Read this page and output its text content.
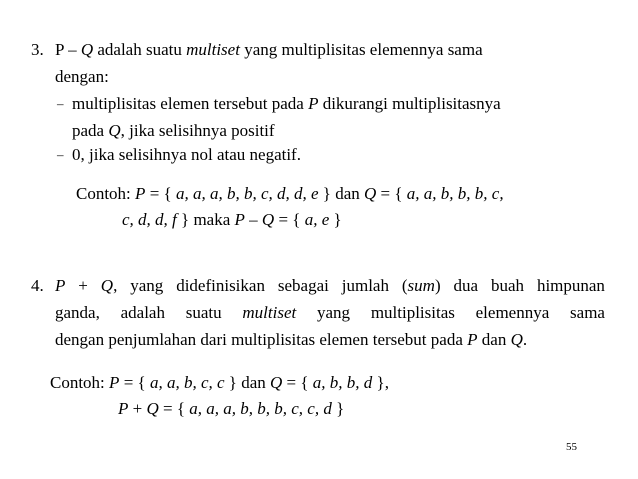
3. P – Q adalah suatu multiset yang multiplisitas elemennya sama
dengan:
– multiplisitas elemen tersebut pada P dikurangi multiplisitasnya
pada Q, jika selisihnya positif
– 0, jika selisihnya nol atau negatif.
Contoh: P = { a, a, a, b, b, c, d, d, e } dan Q = { a, a, b, b, b, c,
c, d, d, f } maka P – Q = { a, e }
4. P + Q, yang didefinisikan sebagai jumlah (sum) dua buah himpunan
ganda, adalah suatu multiset yang multiplisitas elemennya sama
dengan penjumlahan dari multiplisitas elemen tersebut pada P dan Q.
Contoh: P = { a, a, b, c, c } dan Q = { a, b, b, d },
P + Q = { a, a, a, b, b, b, c, c, d }
55
